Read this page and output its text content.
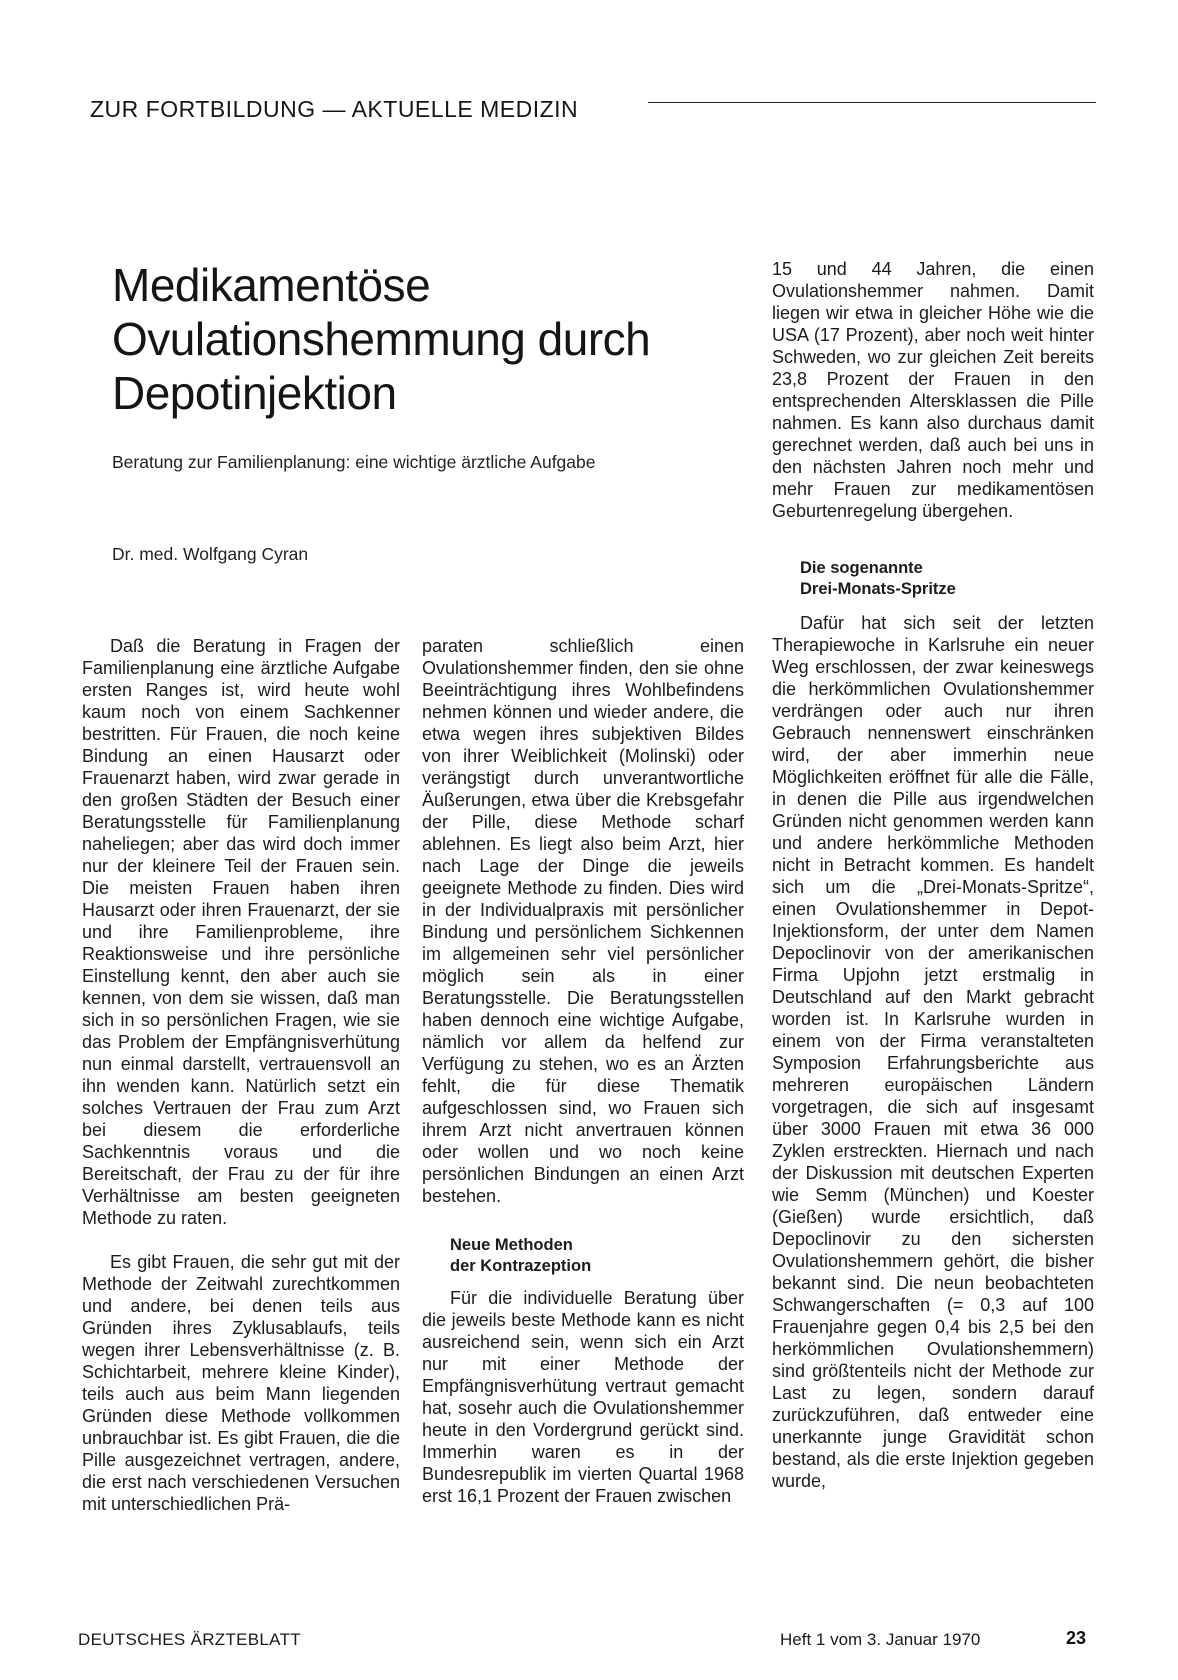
ZUR FORTBILDUNG — AKTUELLE MEDIZIN
Medikamentöse
Ovulationshemmung durch
Depotinjektion
Beratung zur Familienplanung: eine wichtige ärztliche Aufgabe
Dr. med. Wolfgang Cyran

Daß die Beratung in Fragen der Familienplanung eine ärztliche Aufgabe ersten Ranges ist, wird heute wohl kaum noch von einem Sachkenner bestritten. Für Frauen, die noch keine Bindung an einen Hausarzt oder Frauenarzt haben, wird zwar gerade in den großen Städten der Besuch einer Beratungsstelle für Familienplanung naheliegen; aber das wird doch immer nur der kleinere Teil der Frauen sein. Die meisten Frauen haben ihren Hausarzt oder ihren Frauenarzt, der sie und ihre Familienprobleme, ihre Reaktionsweise und ihre persönliche Einstellung kennt, den aber auch sie kennen, von dem sie wissen, daß man sich in so persönlichen Fragen, wie sie das Problem der Empfängnisverhütung nun einmal darstellt, vertrauensvoll an ihn wenden kann. Natürlich setzt ein solches Vertrauen der Frau zum Arzt bei diesem die erforderliche Sachkenntnis voraus und die Bereitschaft, der Frau zu der für ihre Verhältnisse am besten geeigneten Methode zu raten.

Es gibt Frauen, die sehr gut mit der Methode der Zeitwahl zurechtkommen und andere, bei denen teils aus Gründen ihres Zyklusablaufs, teils wegen ihrer Lebensverhältnisse (z. B. Schichtarbeit, mehrere kleine Kinder), teils auch aus beim Mann liegenden Gründen diese Methode vollkommen unbrauchbar ist. Es gibt Frauen, die die Pille ausgezeichnet vertragen, andere, die erst nach verschiedenen Versuchen mit unterschiedlichen Prä-

paraten schließlich einen Ovulationshemmer finden, den sie ohne Beeinträchtigung ihres Wohlbefindens nehmen können und wieder andere, die etwa wegen ihres subjektiven Bildes von ihrer Weiblichkeit (Molinski) oder verängstigt durch unverantwortliche Äußerungen, etwa über die Krebsgefahr der Pille, diese Methode scharf ablehnen. Es liegt also beim Arzt, hier nach Lage der Dinge die jeweils geeignete Methode zu finden. Dies wird in der Individualpraxis mit persönlicher Bindung und persönlichem Sichkennen im allgemeinen sehr viel persönlicher möglich sein als in einer Beratungsstelle. Die Beratungsstellen haben dennoch eine wichtige Aufgabe, nämlich vor allem da helfend zur Verfügung zu stehen, wo es an Ärzten fehlt, die für diese Thematik aufgeschlossen sind, wo Frauen sich ihrem Arzt nicht anvertrauen können oder wollen und wo noch keine persönlichen Bindungen an einen Arzt bestehen.

Neue Methoden
der Kontrazeption

Für die individuelle Beratung über die jeweils beste Methode kann es nicht ausreichend sein, wenn sich ein Arzt nur mit einer Methode der Empfängnisverhütung vertraut gemacht hat, sosehr auch die Ovulationshemmer heute in den Vordergrund gerückt sind. Immerhin waren es in der Bundesrepublik im vierten Quartal 1968 erst 16,1 Prozent der Frauen zwischen

15 und 44 Jahren, die einen Ovulationshemmer nahmen. Damit liegen wir etwa in gleicher Höhe wie die USA (17 Prozent), aber noch weit hinter Schweden, wo zur gleichen Zeit bereits 23,8 Prozent der Frauen in den entsprechenden Altersklassen die Pille nahmen. Es kann also durchaus damit gerechnet werden, daß auch bei uns in den nächsten Jahren noch mehr und mehr Frauen zur medikamentösen Geburtenregelung übergehen.

Die sogenannte
Drei-Monats-Spritze

Dafür hat sich seit der letzten Therapiewoche in Karlsruhe ein neuer Weg erschlossen, der zwar keineswegs die herkömmlichen Ovulationshemmer verdrängen oder auch nur ihren Gebrauch nennenswert einschränken wird, der aber immerhin neue Möglichkeiten eröffnet für alle die Fälle, in denen die Pille aus irgendwelchen Gründen nicht genommen werden kann und andere herkömmliche Methoden nicht in Betracht kommen. Es handelt sich um die „Drei-Monats-Spritze“, einen Ovulationshemmer in Depot-Injektionsform, der unter dem Namen Depoclinovir von der amerikanischen Firma Upjohn jetzt erstmalig in Deutschland auf den Markt gebracht worden ist. In Karlsruhe wurden in einem von der Firma veranstalteten Symposion Erfahrungsberichte aus mehreren europäischen Ländern vorgetragen, die sich auf insgesamt über 3000 Frauen mit etwa 36 000 Zyklen erstreckten. Hiernach und nach der Diskussion mit deutschen Experten wie Semm (München) und Koester (Gießen) wurde ersichtlich, daß Depoclinovir zu den sichersten Ovulationshemmern gehört, die bisher bekannt sind. Die neun beobachteten Schwangerschaften (= 0,3 auf 100 Frauenjahre gegen 0,4 bis 2,5 bei den herkömmlichen Ovulationshemmern) sind größtenteils nicht der Methode zur Last zu legen, sondern darauf zurückzuführen, daß entweder eine unerkannte junge Gravidität schon bestand, als die erste Injektion gegeben wurde,

DEUTSCHES ÄRZTEBLATT	Heft 1 vom 3. Januar 1970	23
